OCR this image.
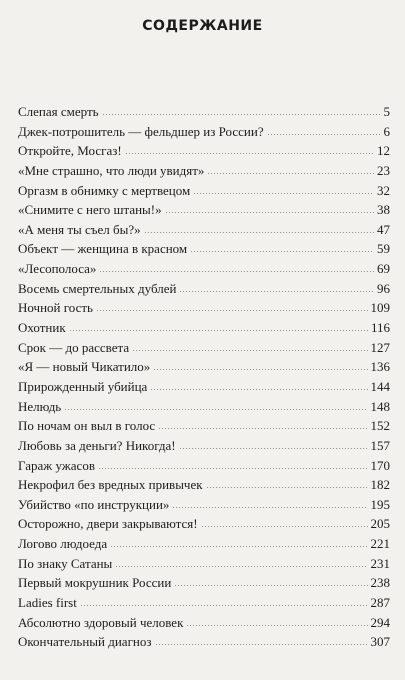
СОДЕРЖАНИЕ
Слепая смерть	5
Джек-потрошитель — фельдшер из России?	6
Откройте, Мосгаз!	12
«Мне страшно, что люди увидят»	23
Оргазм в обнимку с мертвецом	32
«Снимите с него штаны!»	38
«А меня ты съел бы?»	47
Объект — женщина в красном	59
«Лесополоса»	69
Восемь смертельных дублей	96
Ночной гость	109
Охотник	116
Срок — до рассвета	127
«Я — новый Чикатило»	136
Прирожденный убийца	144
Нелюдь	148
По ночам он выл в голос	152
Любовь за деньги? Никогда!	157
Гараж ужасов	170
Некрофил без вредных привычек	182
Убийство «по инструкции»	195
Осторожно, двери закрываются!	205
Логово людоеда	221
По знаку Сатаны	231
Первый мокрушник России	238
Ladies first	287
Абсолютно здоровый человек	294
Окончательный диагноз	307
